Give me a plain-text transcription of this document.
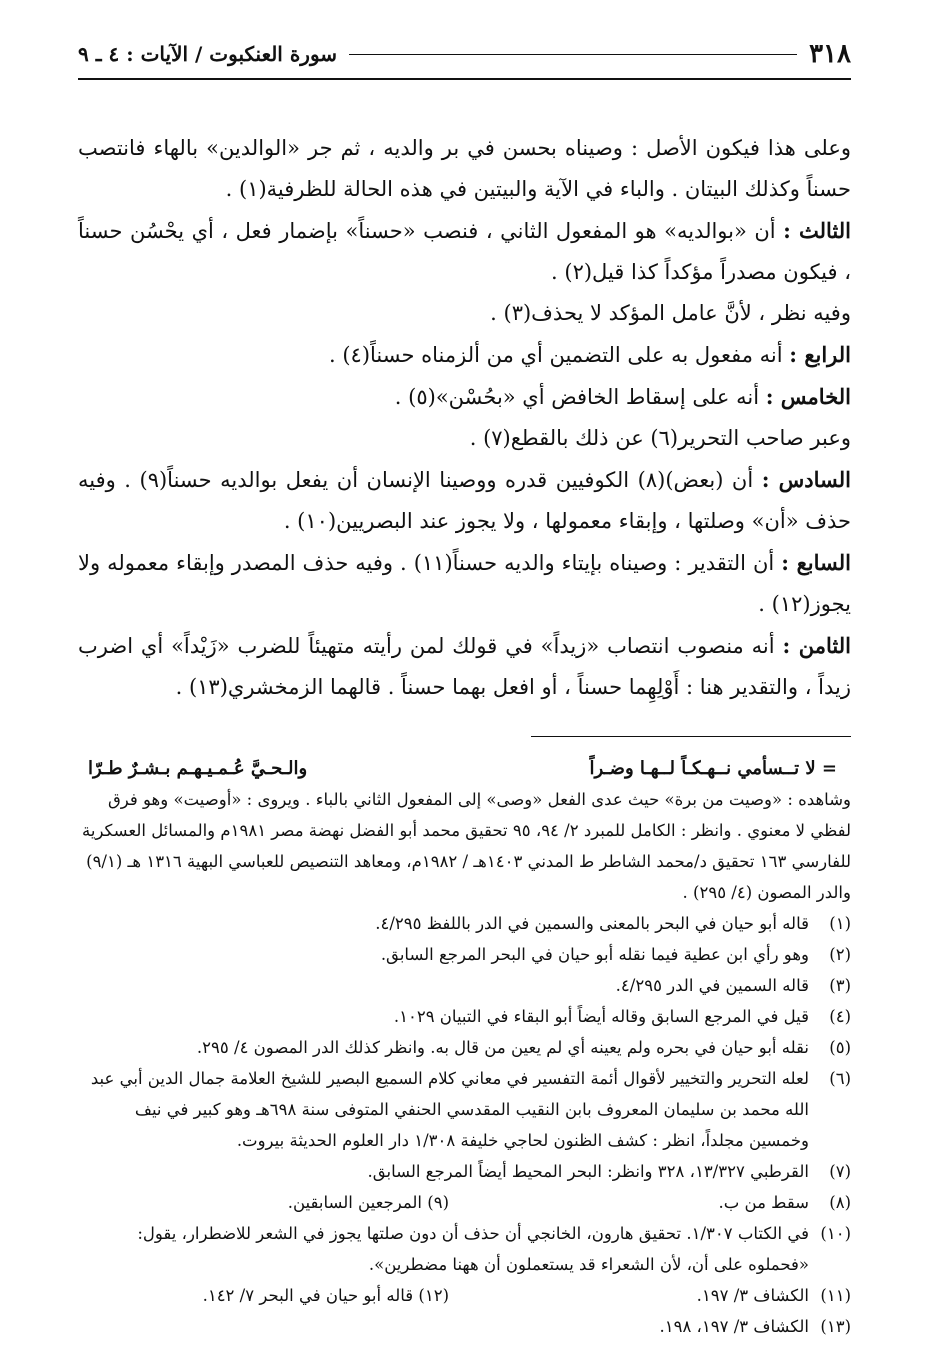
٣١٨
سورة العنكبوت / الآيات : ٤ ـ ٩

وعلى هذا فيكون الأصل : وصيناه بحسن في بر والديه ، ثم جر «الوالدين» بالهاء فانتصب حسناً وكذلك البيتان . والباء في الآية والبيتين في هذه الحالة للظرفية(١) .

الثالث : أن «بوالديه» هو المفعول الثاني ، فنصب «حسناً» بإضمار فعل ، أي يحْسُن حسناً ، فيكون مصدراً مؤكداً كذا قيل(٢) .

وفيه نظر ، لأنَّ عامل المؤكد لا يحذف(٣) .

الرابع : أنه مفعول به على التضمين أي من ألزمناه حسناً(٤) .

الخامس : أنه على إسقاط الخافض أي «بحُسْن»(٥) .

وعبر صاحب التحرير(٦) عن ذلك بالقطع(٧) .

السادس : أن (بعض)(٨) الكوفيين قدره ووصينا الإنسان أن يفعل بوالديه حسناً(٩) . وفيه حذف «أن» وصلتها ، وإبقاء معمولها ، ولا يجوز عند البصريين(١٠) .

السابع : أن التقدير : وصيناه بإيتاء والديه حسناً(١١) . وفيه حذف المصدر وإبقاء معموله ولا يجوز(١٢) .

الثامن : أنه منصوب انتصاب «زيداً» في قولك لمن رأيته متهيئاً للضرب «زَيْداً» أي اضرب زيداً ، والتقدير هنا : أَوْلِهِما حسناً ، أو افعل بهما حسناً . قالهما الزمخشري(١٣) .

= لا تــسأمي نــهـكـاً لــهـا وضـراً
والـحـيَّ عُـمـيـهـم بـشـرٌ طـرّا

وشاهده : «وصيت من برة» حيث عدى الفعل «وصى» إلى المفعول الثاني بالباء . ويروى : «أوصيت» وهو فرق لفظي لا معنوي . وانظر : الكامل للمبرد ٢/ ٩٤، ٩٥ تحقيق محمد أبو الفضل نهضة مصر ١٩٨١م والمسائل العسكرية للفارسي ١٦٣ تحقيق د/محمد الشاطر ط المدني ١٤٠٣هـ / ١٩٨٢م، ومعاهد التنصيص للعباسي البهية ١٣١٦ هـ (٩/١) والدر المصون (٤/ ٢٩٥) .

(١)
قاله أبو حيان في البحر بالمعنى والسمين في الدر باللفظ ٤/٢٩٥.
(٢)
وهو رأي ابن عطية فيما نقله أبو حيان في البحر المرجع السابق.
(٣)
قاله السمين في الدر ٤/٢٩٥.
(٤)
قيل في المرجع السابق وقاله أيضاً أبو البقاء في التبيان ١٠٢٩.
(٥)
نقله أبو حيان في بحره ولم يعينه أي لم يعين من قال به. وانظر كذلك الدر المصون ٤/ ٢٩٥.
(٦)
لعله التحرير والتخيير لأقوال أئمة التفسير في معاني كلام السميع البصير للشيخ العلامة جمال الدين أبي عبد الله محمد بن سليمان المعروف بابن النقيب المقدسي الحنفي المتوفى سنة ٦٩٨هـ وهو كبير في نيف وخمسين مجلداً، انظر : كشف الظنون لحاجي خليفة ١/٣٠٨ دار العلوم الحديثة بيروت.
(٧)
القرطبي ١٣/٣٢٧، ٣٢٨ وانظر: البحر المحيط أيضاً المرجع السابق.
(٨)
سقط من ب.
(٩) المرجعين السابقين.
(١٠)
في الكتاب ١/٣٠٧. تحقيق هارون، الخانجي أن حذف أن دون صلتها يجوز في الشعر للاضطرار، يقول: «فحملوه على أن، لأن الشعراء قد يستعملون أن ههنا مضطرين».
(١١)
الكشاف ٣/ ١٩٧.
(١٢) قاله أبو حيان في البحر ٧/ ١٤٢.
(١٣)
الكشاف ٣/ ١٩٧، ١٩٨.
